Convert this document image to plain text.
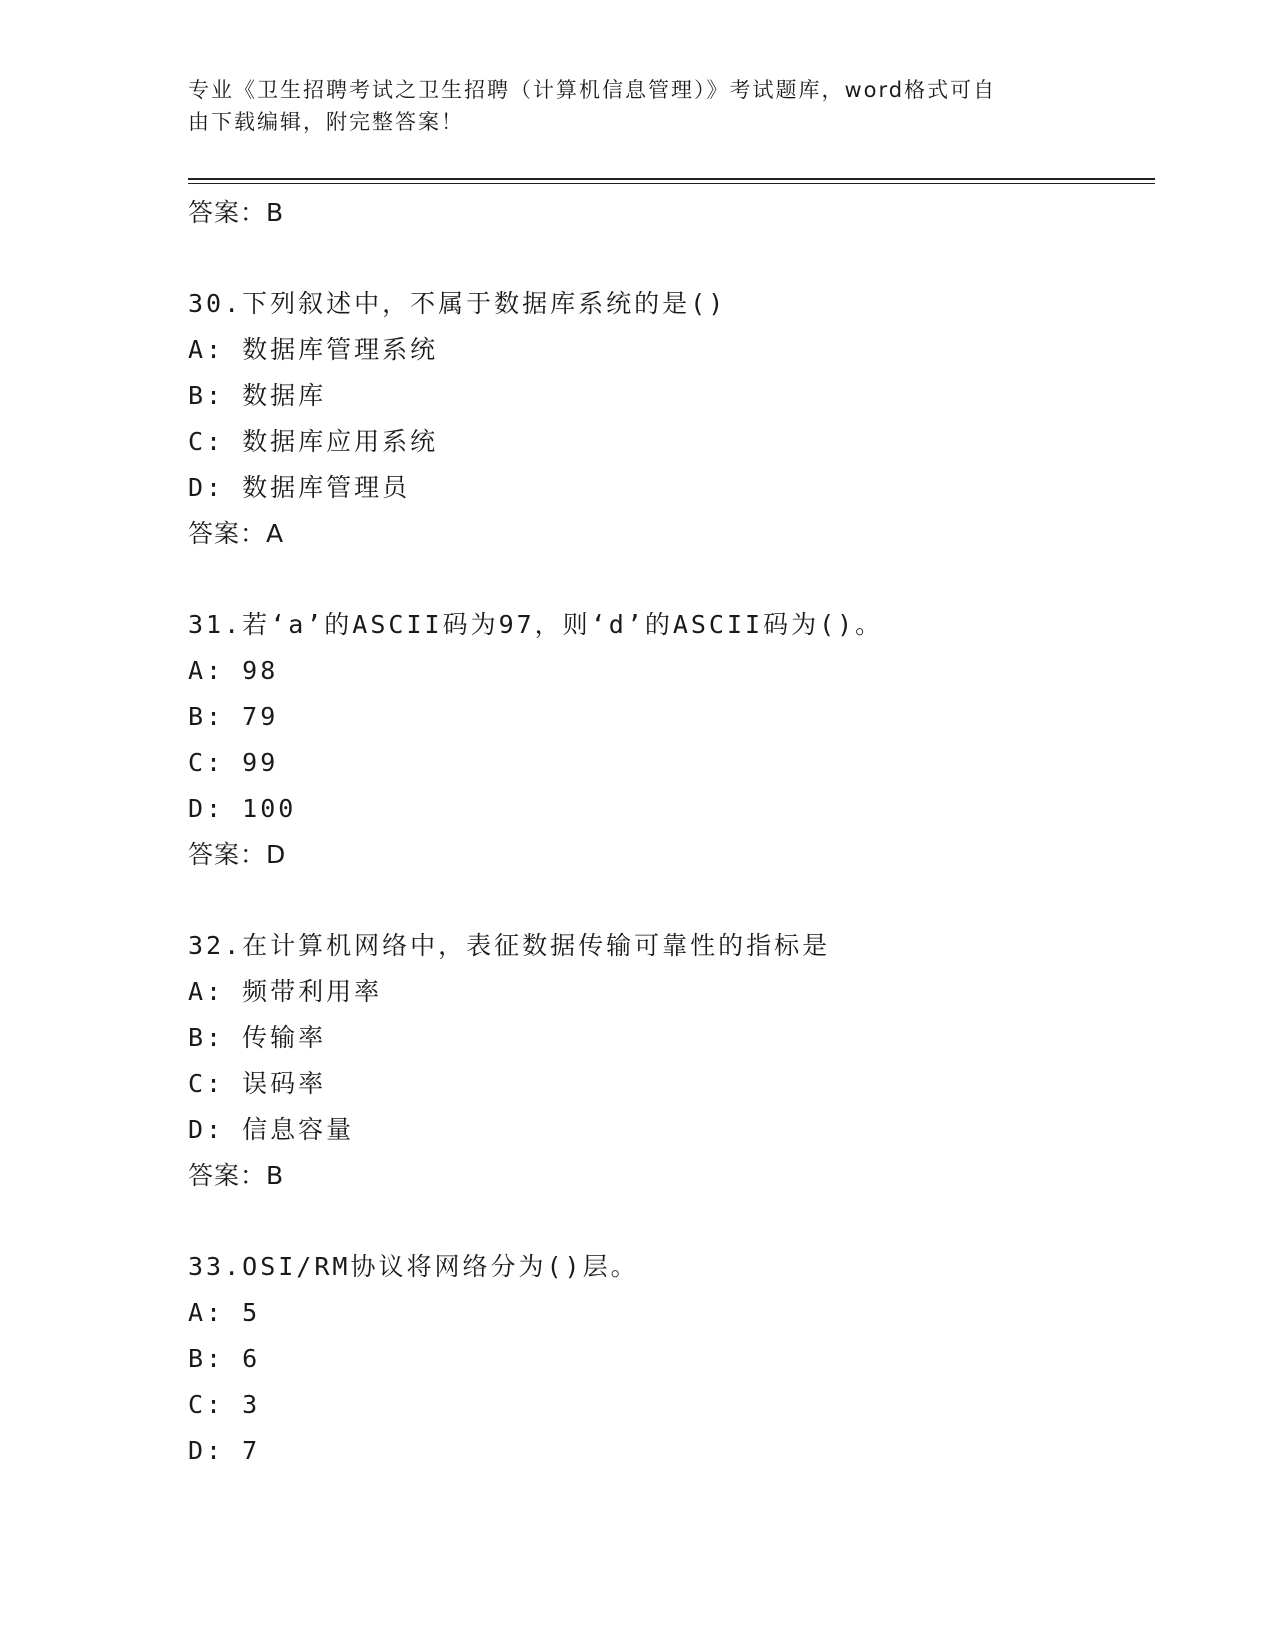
专业《卫生招聘考试之卫生招聘（计算机信息管理）》考试题库，word格式可自
由下载编辑，附完整答案！
答案：B
30.下列叙述中，不属于数据库系统的是()
A: 数据库管理系统
B: 数据库
C: 数据库应用系统
D: 数据库管理员
答案：A
31.若‘a’的ASCII码为97，则‘d’的ASCII码为()。
A: 98
B: 79
C: 99
D: 100
答案：D
32.在计算机网络中，表征数据传输可靠性的指标是
A: 频带利用率
B: 传输率
C: 误码率
D: 信息容量
答案：B
33.OSI/RM协议将网络分为()层。
A: 5
B: 6
C: 3
D: 7
